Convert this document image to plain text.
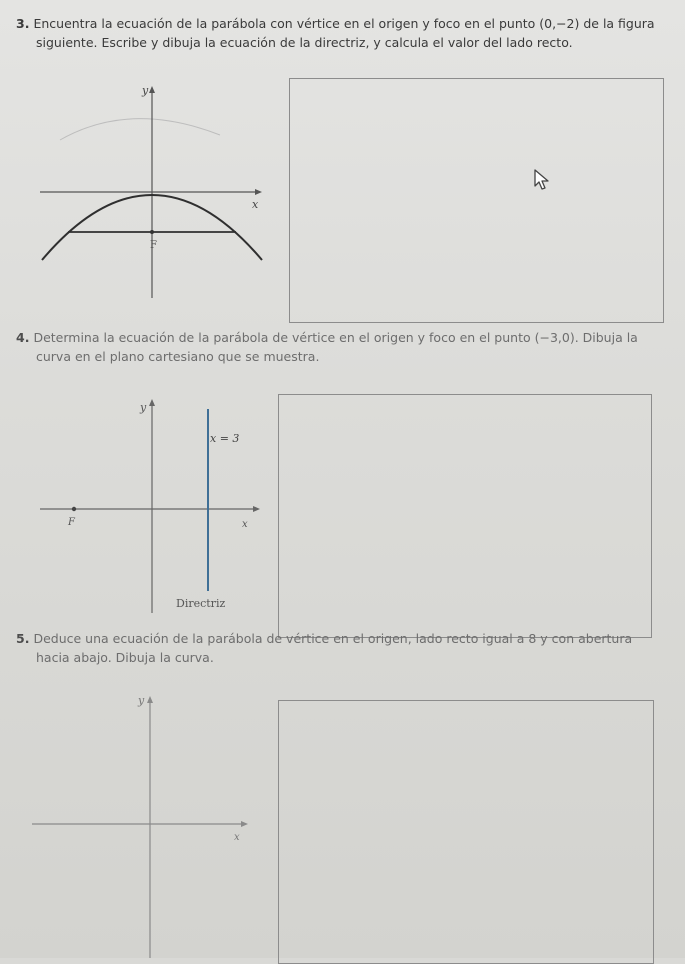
3. Encuentra la ecuación de la parábola con vértice en el origen y foco en el punto (0,−2) de la figura
siguiente. Escribe y dibuja la ecuación de la directriz, y calcula el valor del lado recto.
y
x
F
4. Determina la ecuación de la parábola de vértice en el origen y foco en el punto (−3,0). Dibuja la
curva en el plano cartesiano que se muestra.
y
x
F
x = 3
Directriz
5. Deduce una ecuación de la parábola de vértice en el origen, lado recto igual a 8 y con abertura
hacia abajo. Dibuja la curva.
y
x
